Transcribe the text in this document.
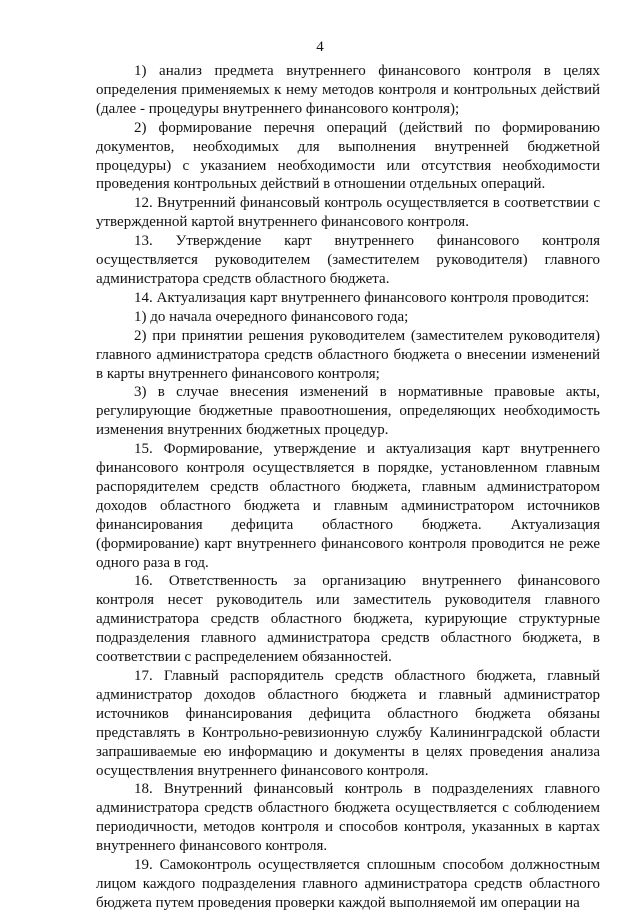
4

1) анализ предмета внутреннего финансового контроля в целях определения применяемых к нему методов контроля и контрольных действий (далее - процедуры внутреннего финансового контроля);

2) формирование перечня операций (действий по формированию документов, необходимых для выполнения внутренней бюджетной процедуры) с указанием необходимости или отсутствия необходимости проведения контрольных действий в отношении отдельных операций.

12. Внутренний финансовый контроль осуществляется в соответствии с утвержденной картой внутреннего финансового контроля.

13. Утверждение карт внутреннего финансового контроля осуществляется руководителем (заместителем руководителя) главного администратора средств областного бюджета.

14. Актуализация карт внутреннего финансового контроля проводится:

1) до начала очередного финансового года;

2) при принятии решения руководителем (заместителем руководителя) главного администратора средств областного бюджета о внесении изменений в карты внутреннего финансового контроля;

3) в случае внесения изменений в нормативные правовые акты, регулирующие бюджетные правоотношения, определяющих необходимость изменения внутренних бюджетных процедур.

15. Формирование, утверждение и актуализация карт внутреннего финансового контроля осуществляется в порядке, установленном главным распорядителем средств областного бюджета, главным администратором доходов областного бюджета и главным администратором источников финансирования дефицита областного бюджета. Актуализация (формирование) карт внутреннего финансового контроля проводится не реже одного раза в год.

16. Ответственность за организацию внутреннего финансового контроля несет руководитель или заместитель руководителя главного администратора средств областного бюджета, курирующие структурные подразделения главного администратора средств областного бюджета, в соответствии с распределением обязанностей.

17. Главный распорядитель средств областного бюджета, главный администратор доходов областного бюджета и главный администратор источников финансирования дефицита областного бюджета обязаны представлять в Контрольно-ревизионную службу Калининградской области запрашиваемые ею информацию и документы в целях проведения анализа осуществления внутреннего финансового контроля.

18. Внутренний финансовый контроль в подразделениях главного администратора средств областного бюджета осуществляется с соблюдением периодичности, методов контроля и способов контроля, указанных в картах внутреннего финансового контроля.

19. Самоконтроль осуществляется сплошным способом должностным лицом каждого подразделения главного администратора средств областного бюджета путем проведения проверки каждой выполняемой им операции на
